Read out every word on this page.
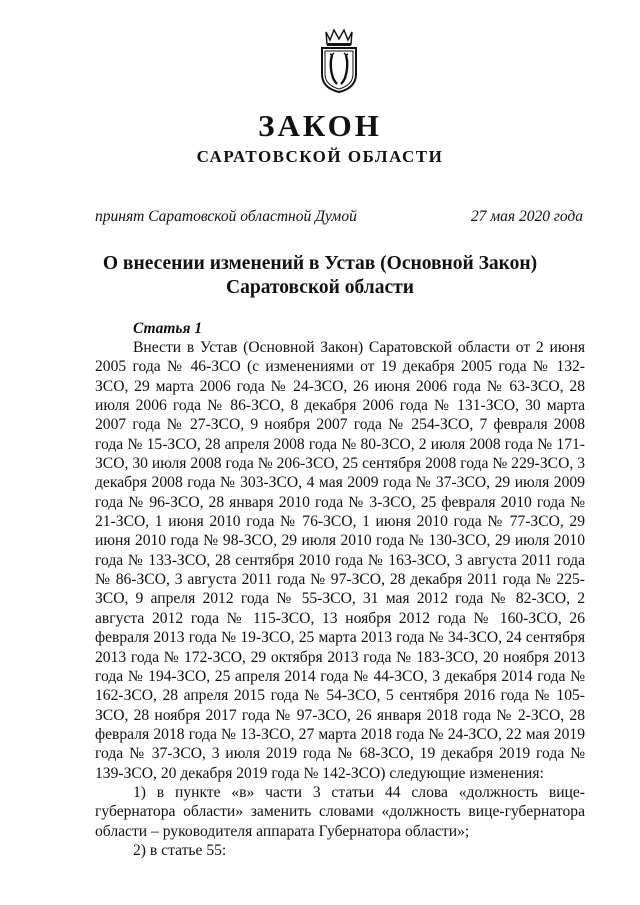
ЗАКОН
САРАТОВСКОЙ ОБЛАСТИ
принят Саратовской областной Думой	27 мая 2020 года
О внесении изменений в Устав (Основной Закон)
Саратовской области
Статья 1

Внести в Устав (Основной Закон) Саратовской области от 2 июня 2005 года № 46-ЗСО (с изменениями от 19 декабря 2005 года № 132-ЗСО, 29 марта 2006 года № 24-ЗСО, 26 июня 2006 года № 63-ЗСО, 28 июля 2006 года № 86-ЗСО, 8 декабря 2006 года № 131-ЗСО, 30 марта 2007 года № 27-ЗСО, 9 ноября 2007 года № 254-ЗСО, 7 февраля 2008 года № 15-ЗСО, 28 апреля 2008 года № 80-ЗСО, 2 июля 2008 года № 171-ЗСО, 30 июля 2008 года № 206-ЗСО, 25 сентября 2008 года № 229-ЗСО, 3 декабря 2008 года № 303-ЗСО, 4 мая 2009 года № 37-ЗСО, 29 июля 2009 года № 96-ЗСО, 28 января 2010 года № 3-ЗСО, 25 февраля 2010 года № 21-ЗСО, 1 июня 2010 года № 76-ЗСО, 1 июня 2010 года № 77-ЗСО, 29 июня 2010 года № 98-ЗСО, 29 июля 2010 года № 130-ЗСО, 29 июля 2010 года № 133-ЗСО, 28 сентября 2010 года № 163-ЗСО, 3 августа 2011 года № 86-ЗСО, 3 августа 2011 года № 97-ЗСО, 28 декабря 2011 года № 225-ЗСО, 9 апреля 2012 года № 55-ЗСО, 31 мая 2012 года № 82-ЗСО, 2 августа 2012 года № 115-ЗСО, 13 ноября 2012 года № 160-ЗСО, 26 февраля 2013 года № 19-ЗСО, 25 марта 2013 года № 34-ЗСО, 24 сентября 2013 года № 172-ЗСО, 29 октября 2013 года № 183-ЗСО, 20 ноября 2013 года № 194-ЗСО, 25 апреля 2014 года № 44-ЗСО, 3 декабря 2014 года № 162-ЗСО, 28 апреля 2015 года № 54-ЗСО, 5 сентября 2016 года № 105-ЗСО, 28 ноября 2017 года № 97-ЗСО, 26 января 2018 года № 2-ЗСО, 28 февраля 2018 года № 13-ЗСО, 27 марта 2018 года № 24-ЗСО, 22 мая 2019 года № 37-ЗСО, 3 июля 2019 года № 68-ЗСО, 19 декабря 2019 года № 139-ЗСО, 20 декабря 2019 года № 142-ЗСО) следующие изменения:

1) в пункте «в» части 3 статьи 44 слова «должность вице-губернатора области» заменить словами «должность вице-губернатора области – руководителя аппарата Губернатора области»;

2) в статье 55:
